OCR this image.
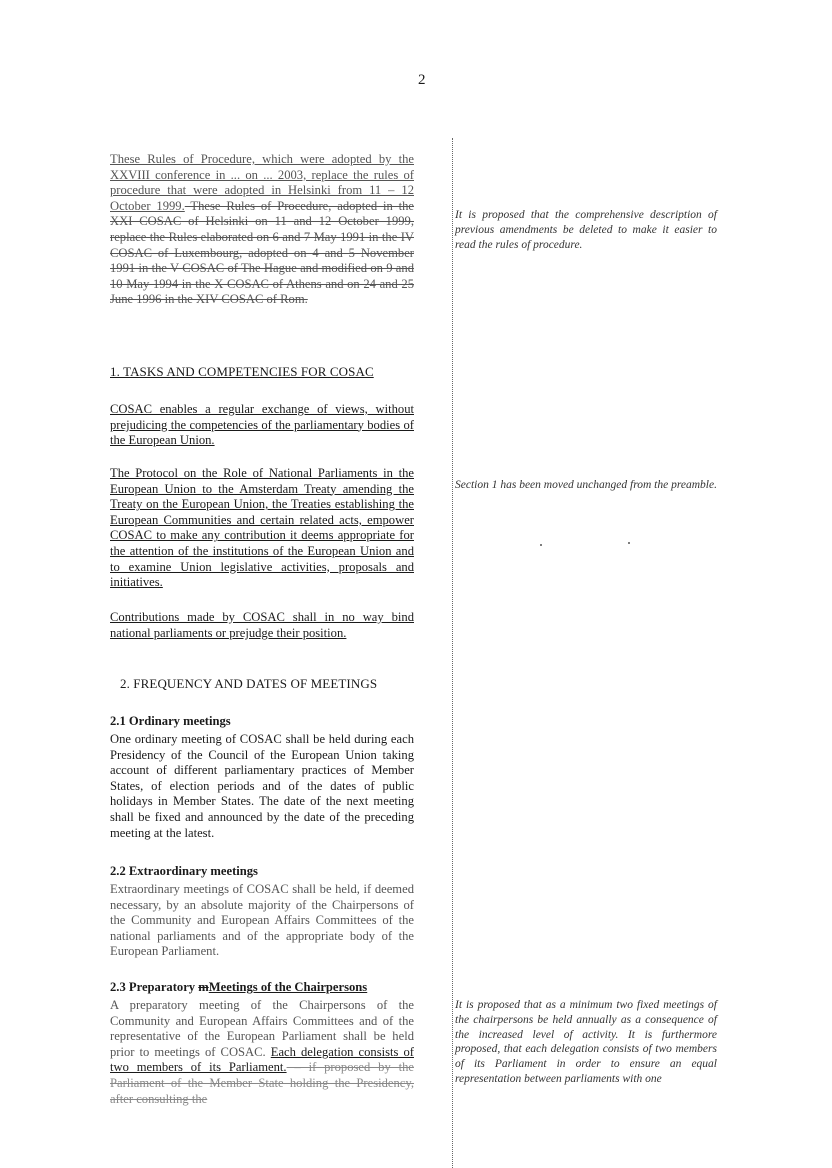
2

These Rules of Procedure, which were adopted by the XXVIII conference in ... on ... 2003, replace the rules of procedure that were adopted in Helsinki from 11 – 12 October 1999. These Rules of Procedure, adopted in the XXI COSAC of Helsinki on 11 and 12 October 1999, replace the Rules elaborated on 6 and 7 May 1991 in the IV COSAC of Luxembourg, adopted on 4 and 5 November 1991 in the V COSAC of The Hague and modified on 9 and 10 May 1994 in the X COSAC of Athens and on 24 and 25 June 1996 in the XIV COSAC of Rom.

1. TASKS AND COMPETENCIES FOR COSAC

COSAC enables a regular exchange of views, without prejudicing the competencies of the parliamentary bodies of the European Union.

The Protocol on the Role of National Parliaments in the European Union to the Amsterdam Treaty amending the Treaty on the European Union, the Treaties establishing the European Communities and certain related acts, empower COSAC to make any contribution it deems appropriate for the attention of the institutions of the European Union and to examine Union legislative activities, proposals and initiatives.

Contributions made by COSAC shall in no way bind national parliaments or prejudge their position.

2. FREQUENCY AND DATES OF MEETINGS
2.1 Ordinary meetings

One ordinary meeting of COSAC shall be held during each Presidency of the Council of the European Union taking account of different parliamentary practices of Member States, of election periods and of the dates of public holidays in Member States. The date of the next meeting shall be fixed and announced by the date of the preceding meeting at the latest.

2.2 Extraordinary meetings

Extraordinary meetings of COSAC shall be held, if deemed necessary, by an absolute majority of the Chairpersons of the Community and European Affairs Committees of the national parliaments and of the appropriate body of the European Parliament.

2.3 Preparatory mMeetings of the Chairpersons

A preparatory meeting of the Chairpersons of the Community and European Affairs Committees and of the representative of the European Parliament shall be held prior to meetings of COSAC. Each delegation consists of two members of its Parliament. – if proposed by the Parliament of the Member State holding the Presidency, after consulting the

It is proposed that the comprehensive description of previous amendments be deleted to make it easier to read the rules of procedure.
Section 1 has been moved unchanged from the preamble.
It is proposed that as a minimum two fixed meetings of the chairpersons be held annually as a consequence of the increased level of activity. It is furthermore proposed, that each delegation consists of two members of its Parliament in order to ensure an equal representation between parliaments with one
